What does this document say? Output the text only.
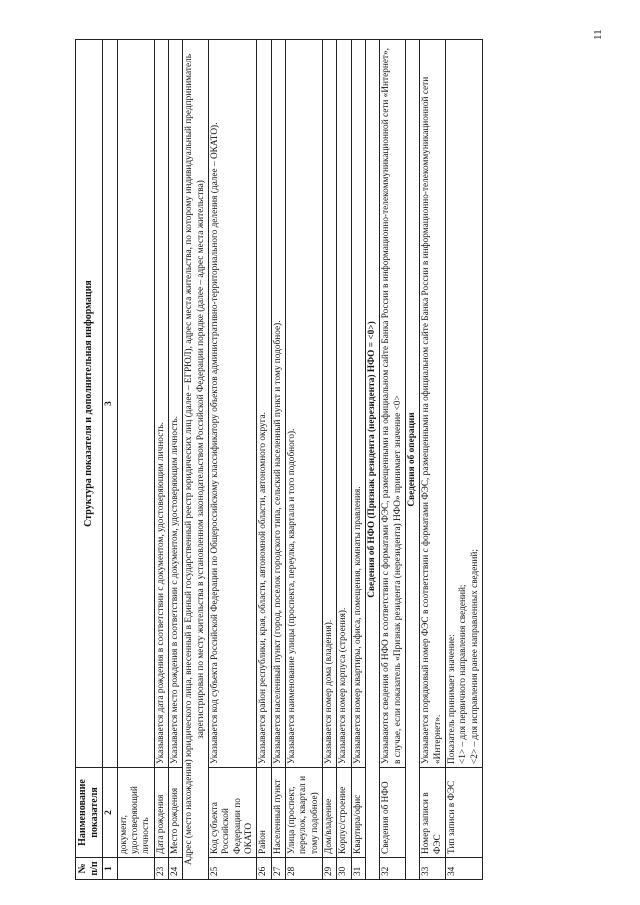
11
№ п/п	Наименование показателя	Структура показателя и дополнительная информация
1	2	3
	документ, удостоверяющий личность	
23	Дата рождения	Указывается дата рождения в соответствии с документом, удостоверяющим личность.
24	Место рождения	Указывается место рождения в соответствии с документом, удостоверяющим личность.
Адрес (место нахождения) юридического лица, внесенный в Единый государственный реестр юридических лиц (далее – ЕГРЮЛ), адрес места жительства, по которому индивидуальный предприниматель зарегистрирован по месту жительства в установленном законодательством Российской Федерации порядке (далее – адрес места жительства)		
25	Код субъекта Российской Федерации по ОКАТО	Указывается код субъекта Российской Федерации по Общероссийскому классификатору объектов административно-территориального деления (далее – ОКАТО).
26	Район	Указывается район республики, края, области, автономной области, автономного округа.
27	Населенный пункт	Указывается населенный пункт (город, поселок городского типа, сельский населенный пункт и тому подобное).
28	Улица (проспект, переулок, квартал и тому подобное)	Указывается наименование улицы (проспекта, переулка, квартала и того подобного).
29	Дом/владение	Указывается номер дома (владения).
30	Корпус/строение	Указывается номер корпуса (строения).
31	Квартира/офис	Указывается номер квартиры, офиса, помещения, комнаты правления.
Сведения об НФО (Признак резидента (нерезидента) НФО = <0>)		
32	Сведения об НФО	Указываются сведения об НФО в соответствии с форматами ФЭС, размещенными на официальном сайте Банка России в информационно-телекоммуникационной сети «Интернет», в случае, если показатель «Признак резидента (нерезидента) НФО» принимает значение <0>
Сведения об операции		
33	Номер записи в ФЭС	Указывается порядковый номер ФЭС в соответствии с форматами ФЭС, размещенными на официальном сайте Банка России в информационно-телекоммуникационной сети «Интернет».
34	Тип записи в ФЭС	Показатель принимает значение: <1> – для первичного направления сведений; <2> – для исправления ранее направленных сведений;
